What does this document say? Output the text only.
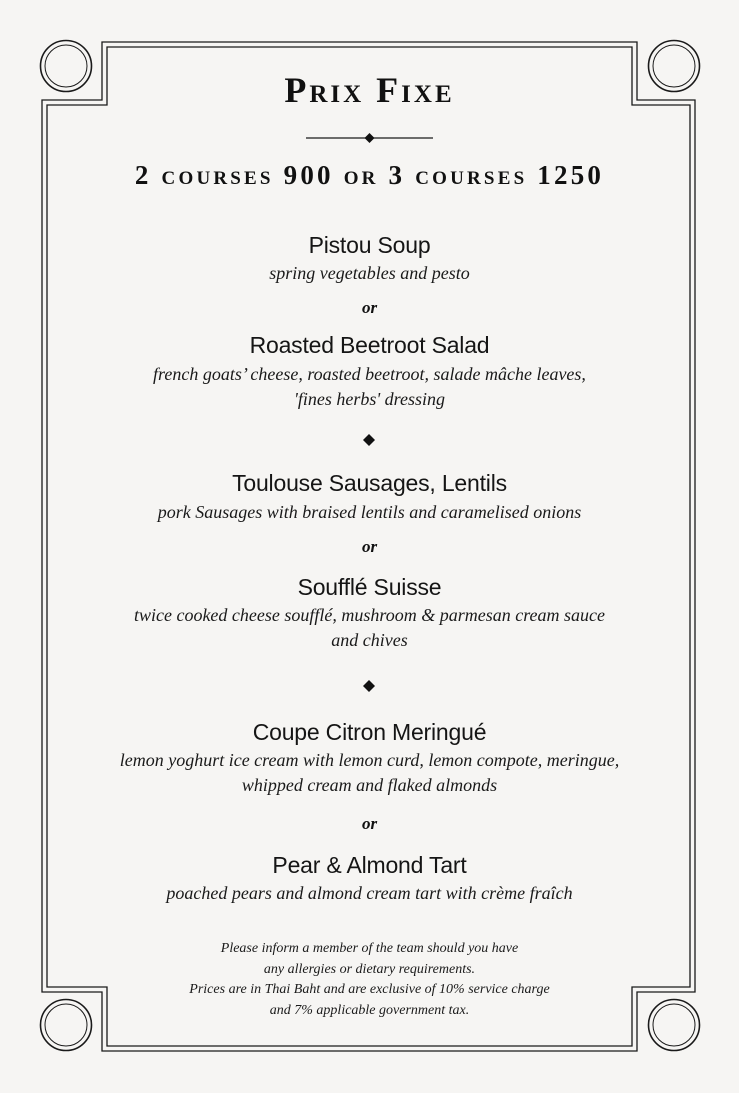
Prix Fixe
2 courses 900 or 3 courses 1250
Pistou Soup
spring vegetables and pesto
or
Roasted Beetroot Salad
french goats’ cheese, roasted beetroot, salade mâche leaves,
'fines herbs' dressing
Toulouse Sausages, Lentils
pork Sausages with braised lentils and caramelised onions
or
Soufflé Suisse
twice cooked cheese soufflé, mushroom & parmesan cream sauce
and chives
Coupe Citron Meringué
lemon yoghurt ice cream with lemon curd, lemon compote, meringue,
whipped cream and flaked almonds
or
Pear & Almond Tart
poached pears and almond cream tart with crème fraîch
Please inform a member of the team should you have
any allergies or dietary requirements.
Prices are in Thai Baht and are exclusive of 10% service charge
and 7% applicable government tax.
